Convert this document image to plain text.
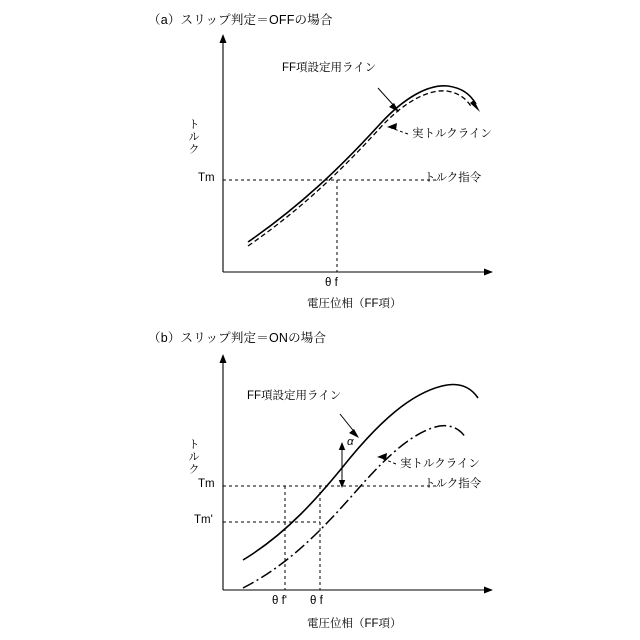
（a）スリップ判定＝OFFの場合
トルク
Tm
θ f
電圧位相（FF項）
FF項設定用ライン
実トルクライン
トルク指令
（b）スリップ判定＝ONの場合
トルク
Tm
Tm'
θ f' θ f
電圧位相（FF項）
FF項設定用ライン
実トルクライン
トルク指令
α
